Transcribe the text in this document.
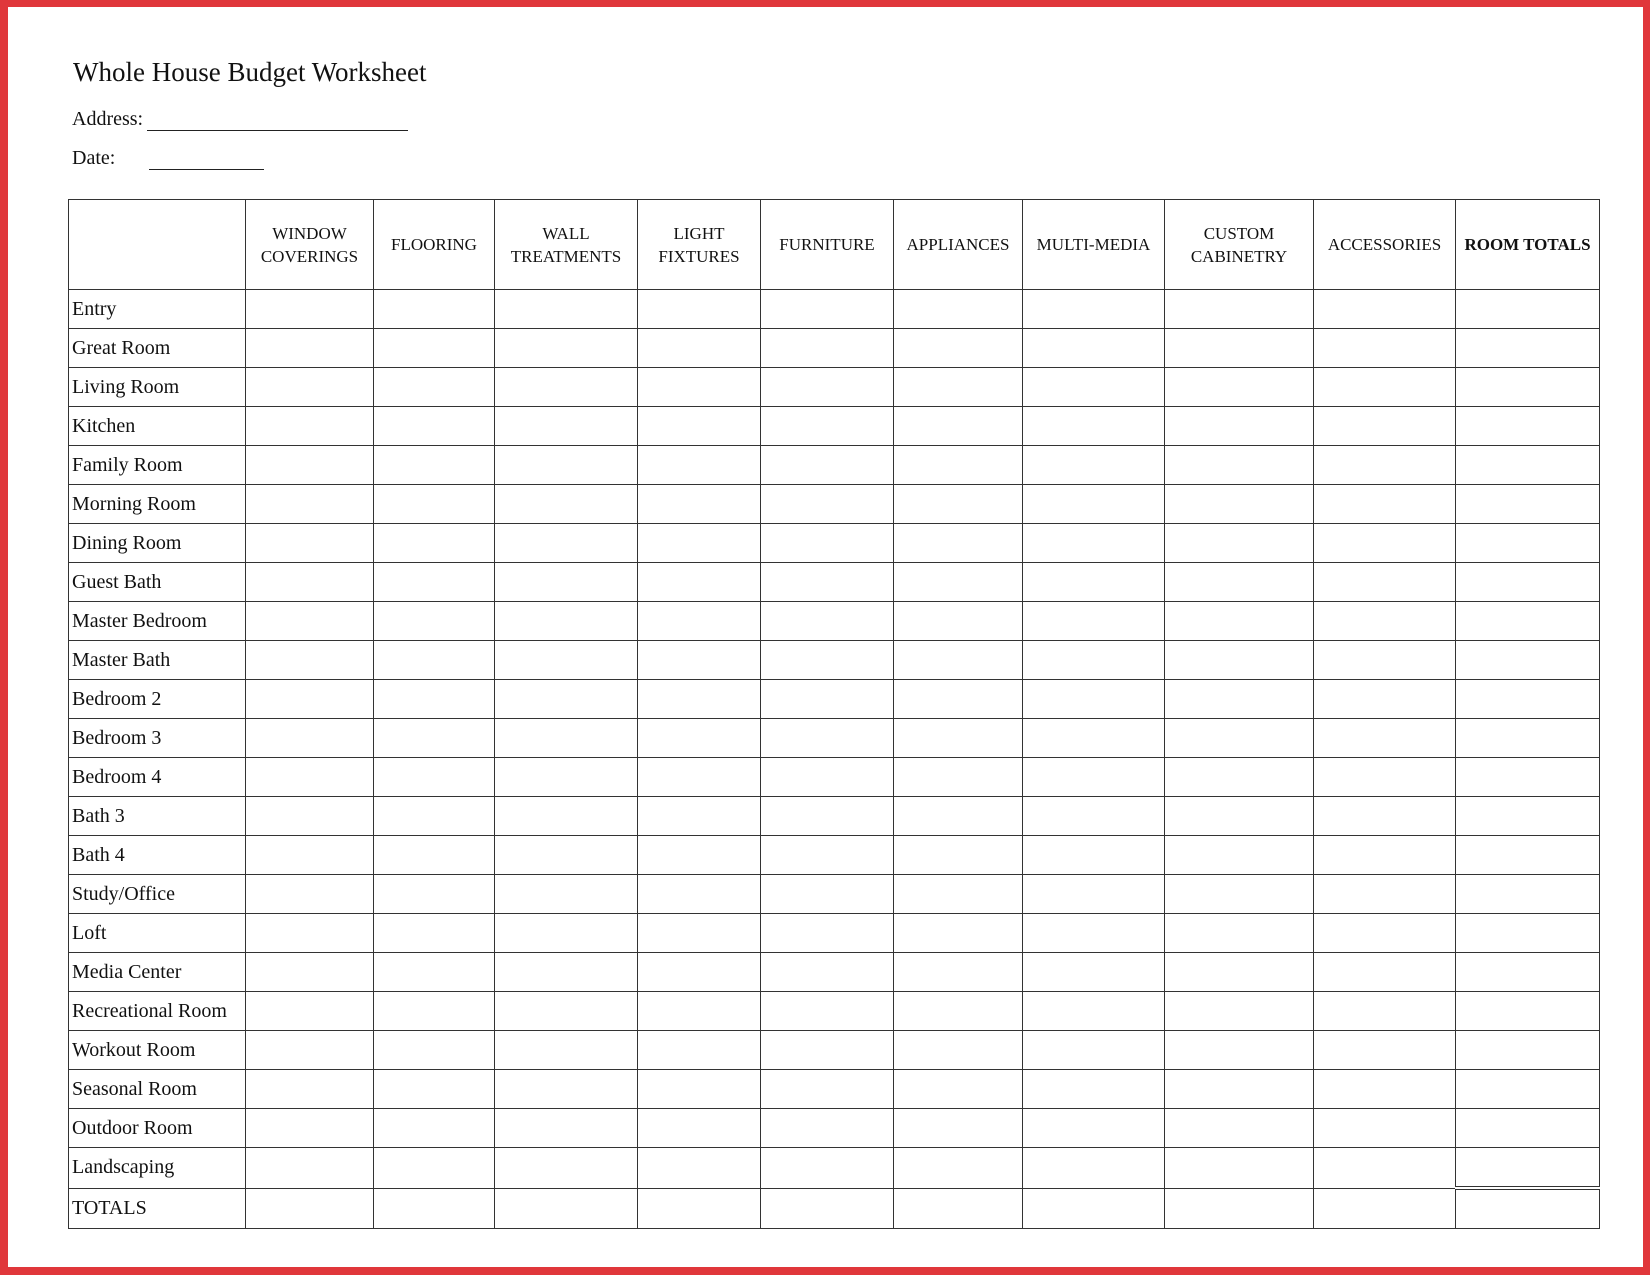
Whole House Budget Worksheet
Address:
Date:

	WINDOW
COVERINGS	FLOORING	WALL
TREATMENTS	LIGHT
FIXTURES	FURNITURE	APPLIANCES	MULTI-MEDIA	CUSTOM
CABINETRY	ACCESSORIES	ROOM TOTALS
Entry										
Great Room										
Living Room										
Kitchen										
Family Room										
Morning Room										
Dining Room										
Guest Bath										
Master Bedroom										
Master Bath										
Bedroom 2										
Bedroom 3										
Bedroom 4										
Bath 3										
Bath 4										
Study/Office										
Loft										
Media Center										
Recreational Room										
Workout Room										
Seasonal Room										
Outdoor Room										
Landscaping										
TOTALS										
